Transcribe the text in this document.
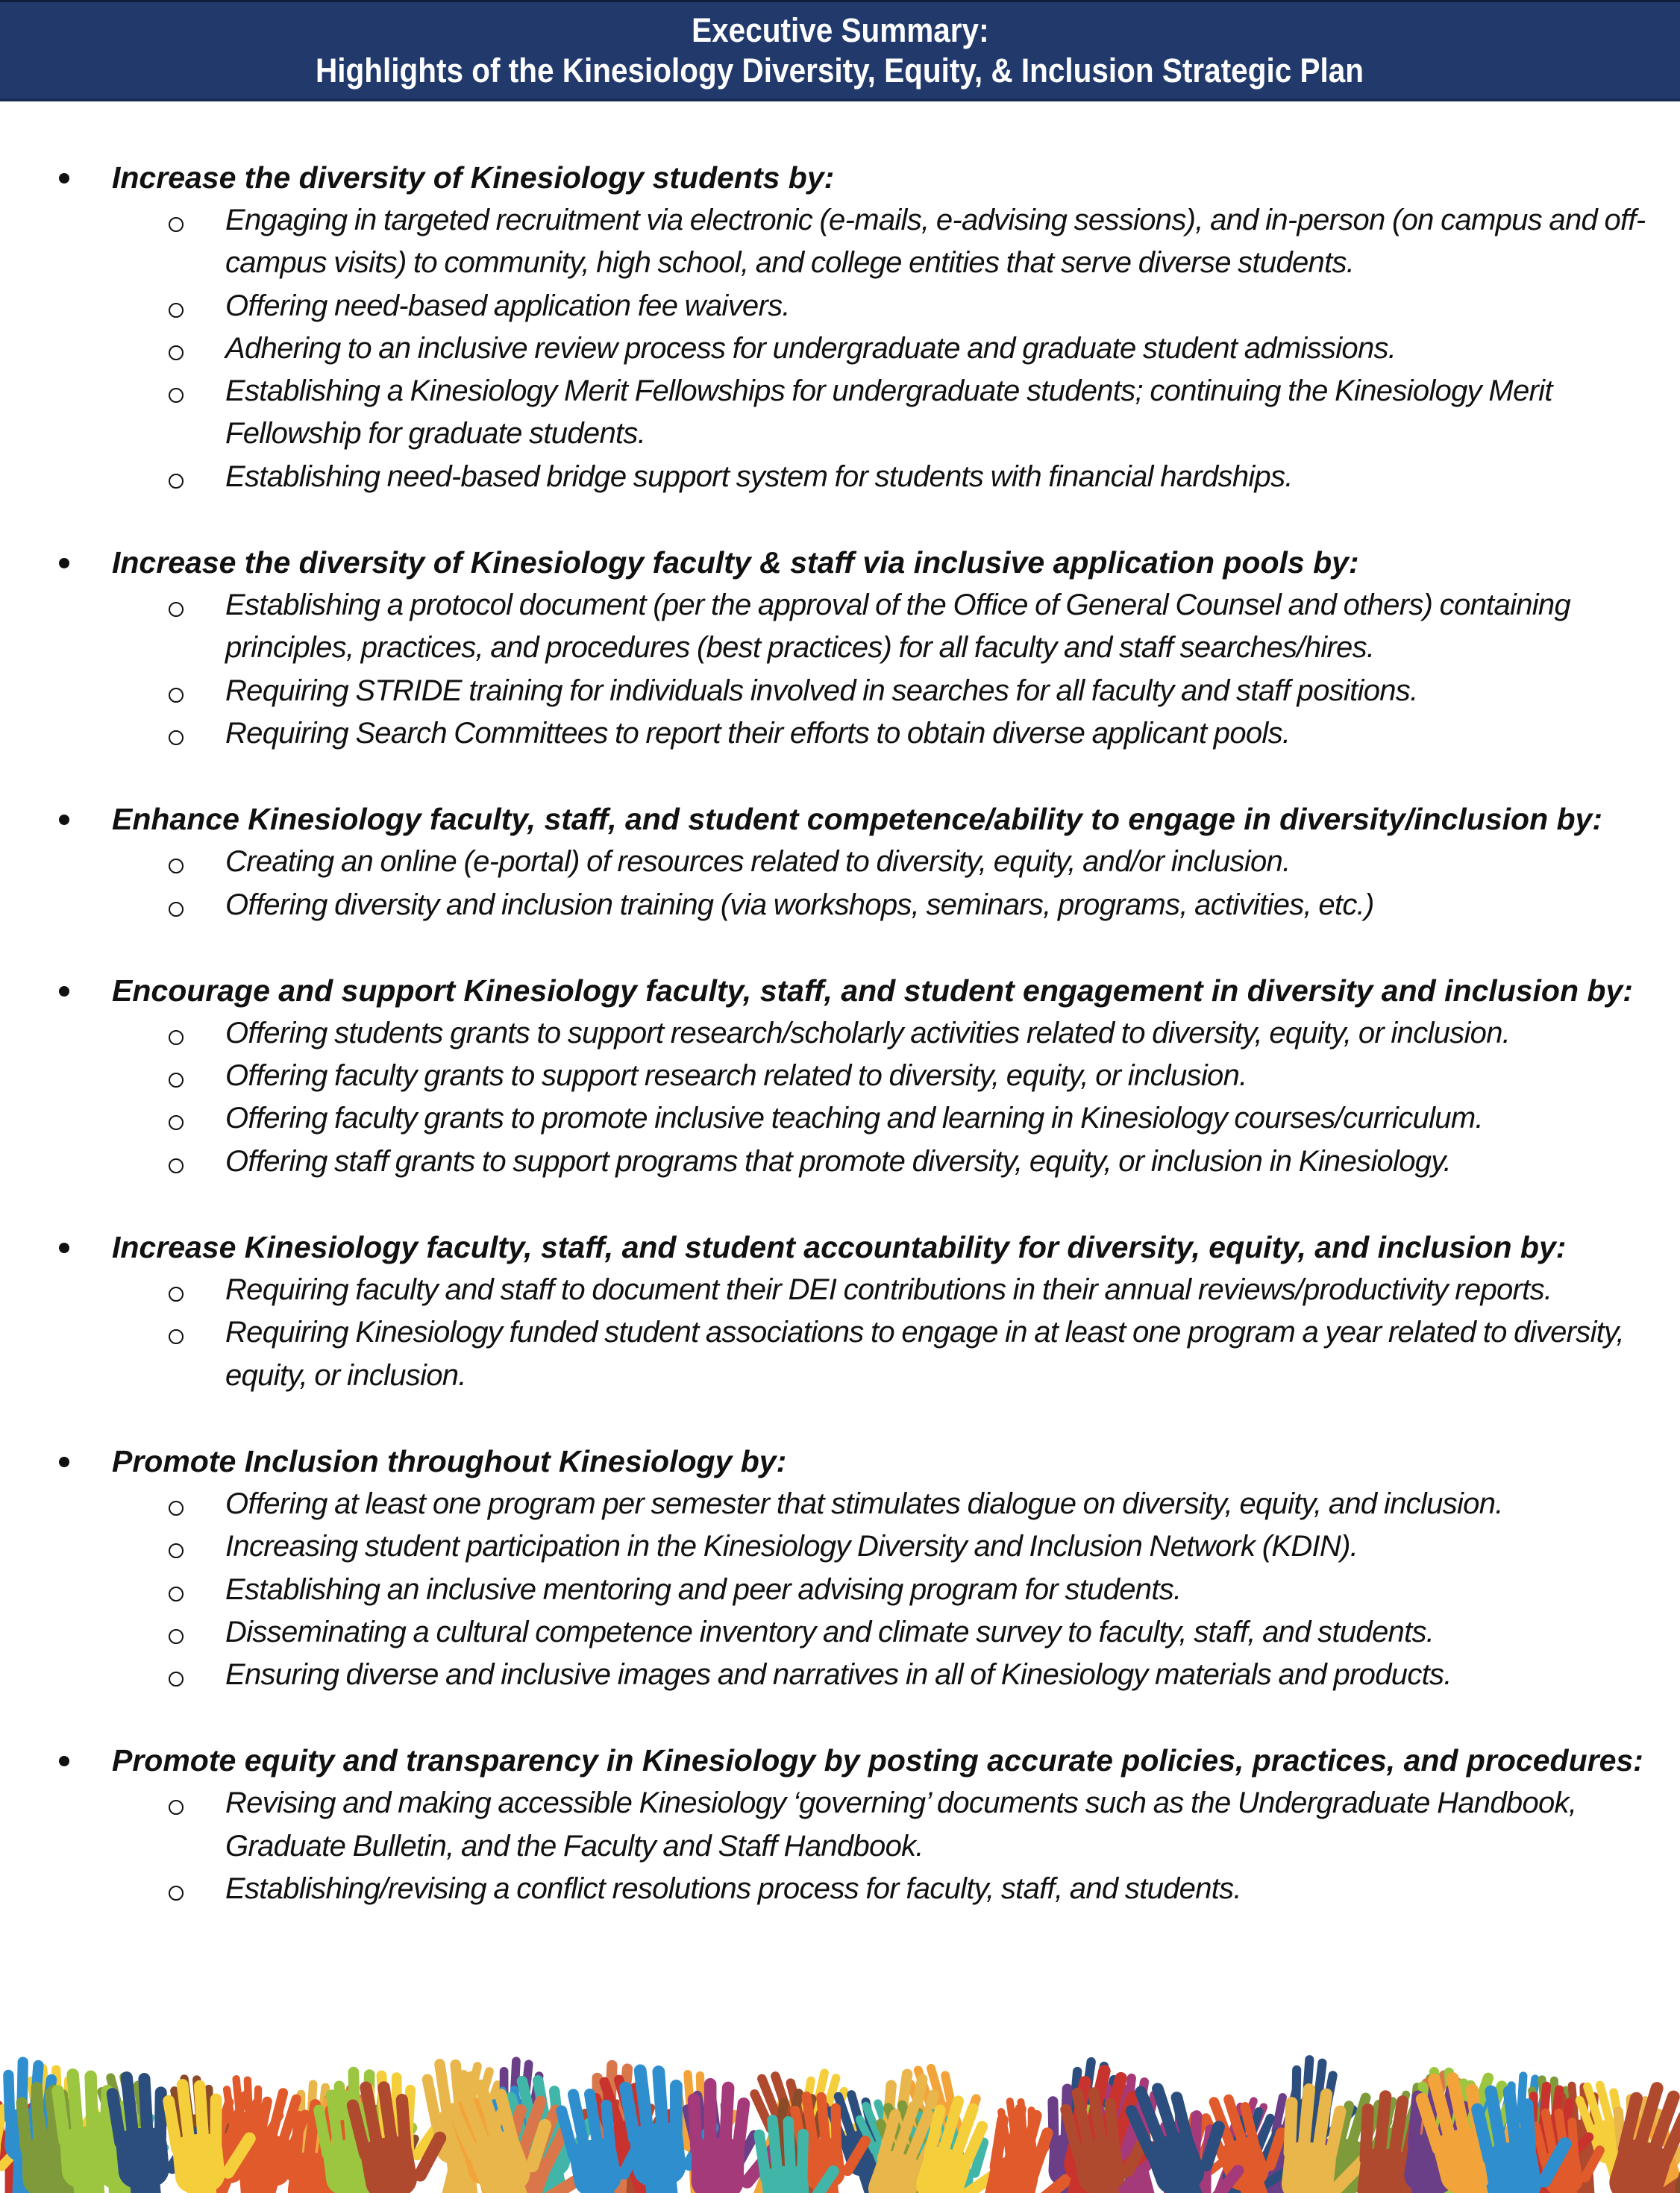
Executive Summary:
Highlights of the Kinesiology Diversity, Equity, & Inclusion Strategic Plan
Increase the diversity of Kinesiology students by:
Engaging in targeted recruitment via electronic (e-mails, e-advising sessions), and in-person (on campus and off-campus visits) to community, high school, and college entities that serve diverse students.
Offering need-based application fee waivers.
Adhering to an inclusive review process for undergraduate and graduate student admissions.
Establishing a Kinesiology Merit Fellowships for undergraduate students; continuing the Kinesiology Merit Fellowship for graduate students.
Establishing need-based bridge support system for students with financial hardships.
Increase the diversity of Kinesiology faculty & staff via inclusive application pools by:
Establishing a protocol document (per the approval of the Office of General Counsel and others) containing principles, practices, and procedures (best practices) for all faculty and staff searches/hires.
Requiring STRIDE training for individuals involved in searches for all faculty and staff positions.
Requiring Search Committees to report their efforts to obtain diverse applicant pools.
Enhance Kinesiology faculty, staff, and student competence/ability to engage in diversity/inclusion by:
Creating an online (e-portal) of resources related to diversity, equity, and/or inclusion.
Offering diversity and inclusion training (via workshops, seminars, programs, activities, etc.)
Encourage and support Kinesiology faculty, staff, and student engagement in diversity and inclusion by:
Offering students grants to support research/scholarly activities related to diversity, equity, or inclusion.
Offering faculty grants to support research related to diversity, equity, or inclusion.
Offering faculty grants to promote inclusive teaching and learning in Kinesiology courses/curriculum.
Offering staff grants to support programs that promote diversity, equity, or inclusion in Kinesiology.
Increase Kinesiology faculty, staff, and student accountability for diversity, equity, and inclusion by:
Requiring faculty and staff to document their DEI contributions in their annual reviews/productivity reports.
Requiring Kinesiology funded student associations to engage in at least one program a year related to diversity, equity, or inclusion.
Promote Inclusion throughout Kinesiology by:
Offering at least one program per semester that stimulates dialogue on diversity, equity, and inclusion.
Increasing student participation in the Kinesiology Diversity and Inclusion Network (KDIN).
Establishing an inclusive mentoring and peer advising program for students.
Disseminating a cultural competence inventory and climate survey to faculty, staff, and students.
Ensuring diverse and inclusive images and narratives in all of Kinesiology materials and products.
Promote equity and transparency in Kinesiology by posting accurate policies, practices, and procedures:
Revising and making accessible Kinesiology ‘governing’ documents such as the Undergraduate Handbook, Graduate Bulletin, and the Faculty and Staff Handbook.
Establishing/revising a conflict resolutions process for faculty, staff, and students.
